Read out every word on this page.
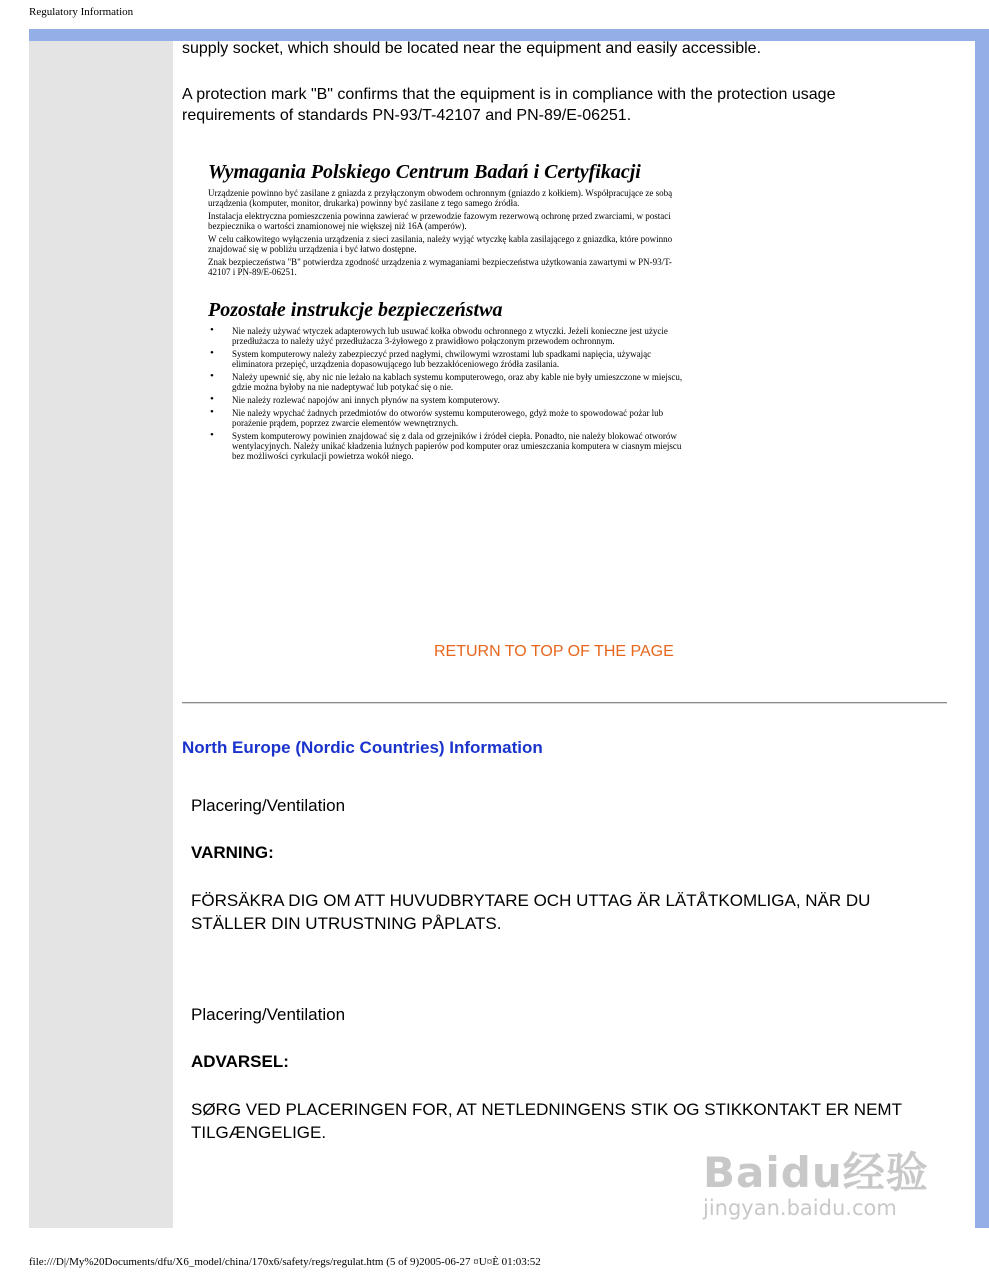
Regulatory Information
supply socket, which should be located near the equipment and easily accessible.
A protection mark "B" confirms that the equipment is in compliance with the protection usage requirements of standards PN-93/T-42107 and PN-89/E-06251.
Wymagania Polskiego Centrum Badań i Certyfikacji
Urządzenie powinno być zasilane z gniazda z przyłączonym obwodem ochronnym (gniazdo z kołkiem). Współpracujące ze sobą urządzenia (komputer, monitor, drukarka) powinny być zasilane z tego samego źródła.
Instalacja elektryczna pomieszczenia powinna zawierać w przewodzie fazowym rezerwową ochronę przed zwarciami, w postaci bezpiecznika o wartości znamionowej nie większej niż 16A (amperów).
W celu całkowitego wyłączenia urządzenia z sieci zasilania, należy wyjąć wtyczkę kabla zasilającego z gniazdka, które powinno znajdować się w pobliżu urządzenia i być łatwo dostępne.
Znak bezpieczeństwa "B" potwierdza zgodność urządzenia z wymaganiami bezpieczeństwa użytkowania zawartymi w PN-93/T-42107 i PN-89/E-06251.
Pozostałe instrukcje bezpieczeństwa
• Nie należy używać wtyczek adapterowych lub usuwać kołka obwodu ochronnego z wtyczki. Jeżeli konieczne jest użycie przedłużacza to należy użyć przedłużacza 3-żyłowego z prawidłowo połączonym przewodem ochronnym.
• System komputerowy należy zabezpieczyć przed nagłymi, chwilowymi wzrostami lub spadkami napięcia, używając eliminatora przepięć, urządzenia dopasowującego lub bezzakłóceniowego źródła zasilania.
• Należy upewnić się, aby nic nie leżało na kablach systemu komputerowego, oraz aby kable nie były umieszczone w miejscu, gdzie można byłoby na nie nadeptywać lub potykać się o nie.
• Nie należy rozlewać napojów ani innych płynów na system komputerowy.
• Nie należy wpychać żadnych przedmiotów do otworów systemu komputerowego, gdyż może to spowodować pożar lub porażenie prądem, poprzez zwarcie elementów wewnętrznych.
• System komputerowy powinien znajdować się z dala od grzejników i źródeł ciepła. Ponadto, nie należy blokować otworów wentylacyjnych. Należy unikać kładzenia luźnych papierów pod komputer oraz umieszczania komputera w ciasnym miejscu bez możliwości cyrkulacji powietrza wokół niego.
RETURN TO TOP OF THE PAGE
North Europe (Nordic Countries) Information
Placering/Ventilation
VARNING:
FÖRSÄKRA DIG OM ATT HUVUDBRYTARE OCH UTTAG ÄR LÄTÅTKOMLIGA, NÄR DU STÄLLER DIN UTRUSTNING PÅPLATS.
Placering/Ventilation
ADVARSEL:
SØRG VED PLACERINGEN FOR, AT NETLEDNINGENS STIK OG STIKKONTAKT ER NEMT TILGÆNGELIGE.
Baidu经验
jingyan.baidu.com
file:///D|/My%20Documents/dfu/X6_model/china/170x6/safety/regs/regulat.htm (5 of 9)2005-06-27 ¤U¤È 01:03:52
